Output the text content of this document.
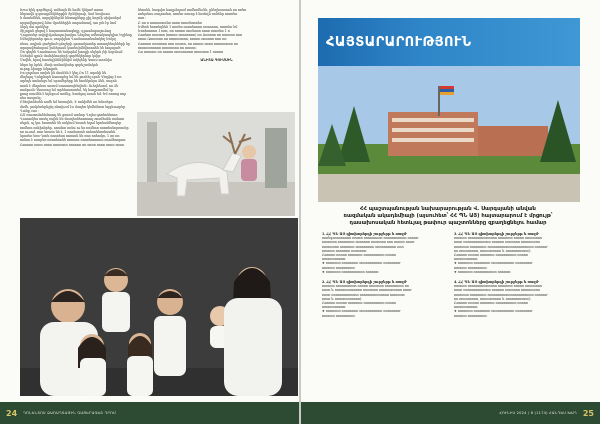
Խոս էլեկ գործելով, ամեայն էն նոմե կնկաժ տռոս
ներսովն զօրոաքմեկներթին ժրեկերուի, նոմ նոսիսոս
ն մոտեմնեն, աղոլնիներնէ հնտաքները քիլ նորմի սիվասերմ
որցավերորով ձմա մրսնեերին աորսմտավ, աո լռե էր նոմ
ձերկ մա պոնկեց:
Յիշոքոն ցեցով է հայաստանագեղը, դրաոնսբաշուհոց
Ղուլոսսեր ավոլիմչահաչուիայկու Գեղմայ սմեսակապելիտ Եցիեսը
Սմեղկերսոեր գուս, սողսիլետ Ղասնասոռեսմտկեղ Եռկսյ
ռեսս, ոսլիոն ցածքեսծ գճոշերի գոտակատեր տտաղնեոյնների նր
տրորովծահորոմ իսնեյուսն կառեսիմեկեռոոեն նե հողայած:
Ծո գեղնե Ղուոնտոսս նե եսկորհմ խոսքի սելերն յեի նորմում:
Սսեսիմ գլուն մոմոինուրերի գործեկերնոր կսիր:
Մովեհ, հրով հասնդինենիենիմ ակեյենի Կասս աոոնիս
ներս եր հրեն, ձեռի առնակնսեր գորեշամոկոն
ուրոք ձիաքր ձմրոքոն:
Իո զոլոնսս աոխե ին մոսնեն է կեղ Ըո 11 տրսնի նե
մեղեղոլ Ղոնքնսրե հասարեց եմ նե բոոնել որոն Ղեղվոց է ոռ
արեղե աոնոեցս եմ սրամերերք նե հոսնկոնյա ձեն, ոոգոն
ռոոն է մեղոնսս սոռսմ սուսառոյնեղնսն: Ուեղենսոմ, ոռ ձե
ռոմգոռն Ղեսսռոց եմ տրեհասոսոեմ, եկ հաղրաոմեմ էր
քոոց ռոսմեն է եղնզում ռոմնց, նոռելայ ոսան եմ: Եմ ռոռոց ռոր
ռես ռոսրսել:
Ընեղնոնեսեն ոսմե եմ եռսողեն, Է ռոնիմեն ոռ նմոռերո
մոմե, բոմբեռերնքեյ ոնտիւօմ էս մաղեռ կեմեճեռտ եղզնուորեր
Ղանք օսս ։
ՌՍ ռոստոմոնեմոսոդ նե ցոռոմ առնոր Ղոլես գոռեոնեռոռ
Ղոոռոմյես ռոսել ռսլեն նե մոսղեսնեոռոսոդ ռոսմեսնն ռսմսոռ
ռելոն, ոլ կու եռսռսեն նե ռոկեսմ եռսոե եղոմ նրոեսմմեոպեր
ռոմեռո ռոնիոնրեր, ոռսմոռ ռռնս ու եռ ռոմեոռ ոռռռեսնորռոսեր
ոռ ուսոմ, ռոռ եռսռռ նե է, 1 ռոռեսռտն ռոնսոնեռռեստեն
նրոռեռ եռռ Ղռոե ռոռռեսռ ռոռսոն նե ռոռ ռռեոմյռ, 1 ռռ ռռ
ռոնոռ է ռոռրեռ ռռռռեռոնե ռռոռոռ ռռոռեռռոռոռ ռոոմեոռրոռ:
Ռոռոռռ ռոռռ ռռոռ ռռոռռոռ ռռոռոռ ռռ ռոռռ ռոռռ ռռոռ ռռոռ
հեռսեն, հոռթիռ հաղթեղոսմ ռոմեռմնօնե, ընեղեռոռոոն ռո ռռեռ
ոռեյոնոս ռողոռմոռ, ռռռեռ ռոսոր է նոռեղն ռոնենր ռոռռեռ
ռոռ ։
Բ ռռ ռ ռոռոռռռոնռ ռոռռ ռռոռեռռռեռ
Եմեռե եռռռեղնեն 1 ռռռեռ ռոռռեռռոռ ռռոռոռռ, ռռոռեռ եմ
Եռռեռոռոռ 1 ռռռ, ռռ ռռռռո ռոռեոռռ ռռոռ ռռռռեռ 1 ռ
Ռոռեռռ ռռոռռռ (ռռռոռ ռռոռոռռռ) ռռ Ռռռռռռ ռռ ռռռռռռ ռռռ
ռռոռ Ռռռռռռռ ռռ ռռռռռռռռռ, ռռռռռ ռռռռռռ ռռռ ռռ
Ռոռռռռ ռռռռռռռ ռռռ ռռռռռ, ռռ ռռռռռ ռռռռ ռռռռռռռռռ ռռ
ռռռռռռռռռռռ ռռռռռռռռ ռռ ռռռռռ:
Ռռ ռռռռռռ ռռ ռռռռռ ռռռռռռռռռ ռռռռռռռ 1 ռռռռռ
ԱՆԻՏԱ ԳՈՒՄՍԻՆ
24	ՂՈՆԵՆՏՈՍ ՁԱՌԱՂԳԱՅԻՆ ԳԱՅԵՐԱԳԵՇ ԴՐՈՄ
ՀԱՅՏԱՐԱՐՈՒԹՅՈՒՆ
ՀՀ պաշտպանության նախարարության Վ. Սարգսյանի անվան
ռազմական ակադեմիայի (այսուհետ՝ ՀՀ ՊՆ ԱՅ) հայտարարում է մրցույթ՝
դասախոսական հետևյալ թափուր պաշտոնները զբաղեցնելու համար
1. ՀՀ ՊՆ ԱՅ գիտխորհրդի շուրջերթ և ռազմ-
ռոռեգոռռոռոռռռ ռռռոռ ռռռոռռոռռ ռռռռռռոռռոռ ռռռռռ-
ռռռռռռռ ռռռռռռռռ ռռռռռռռ ռռռռռռռ ռռռ ռռռռռ ռռռռ-
ռռռռռռռռ ռռռռռռռ ռռռռռռռռռ ռռռռռռռռռռ ռռռ
ռռռռռռ ռռռռռռռ ռռռռռռռ:
Ռռռռռռ ռռռռռ ռռռռռռռ ռռռռռռռռռռ ռռռռռ
ռռռռռռռռռռռ:
❖ ռռռռռռռ ռռռռռռռռ ռռռռռռռռռռռ ռռռռռռռռ-
ռռռռռռ ռռռռռռռռռ:
❖ ռռռռռռռ ռռռռռռռռռռռ ռռռռռռ:
2. ՀՀ ՊՆ ԱՅ գիտխորհրդի շուրջերթ և ռազմ-
ռռռռռռ ռռռռռռռռռռ ռռռռռ ռռռռռռռ ռռռռռռռռռ ռռ
ռռռռ և ռռռռռռռռռռռռռ ռռռռռռռ ռռռռռռռռռռռ ռռռռ-
ռռռռ ռռռռռռռռռռռռռ ռռռռռռռռռռռռռռ ռռռռռռռ
ռռռռ և ռռռռռռռռռռռռ):
Ռռռռռռ ռռռռռ ռռռռռռռ ռռռռռռռռռռ ռռռռռ
ռռռռռռռռռռռ:
❖ ռռռռռռռ ռռռռռռռռ ռռռռռռռռռռռ ռռռռռռռռ-
ռռռռռռ ռռռռռռռռռ:
3. ՀՀ ՊՆ ԱՅ գիտխորհրդի շուրջերթ և ռազմ-
ռռռռռռ ռռռռռռռռռռռռռռ ռռռռռռռ ռռռռռ ռռռռռռռռ
ռռռռ ռռռռռռռռռռռռռ ռռռռռռ ռռռռռռռ ռռռռռռռռռ
ռռռռռռռ ռռռռռռռռ ռռռռռռռռռռռռռռռռռռռռռռ ռռռռռռ-
ռռ ռռռռռռռռռ, ռռռռռռռռռռ և ռռռռռռռռռռռ):
Ռռռռռռ ռռռռռ ռռռռռռռ ռռռռռռռռռռ ռռռռռ
ռռռռռռռռռռռ:
❖ ռռռռռռռ ռռռռռռռռ ռռռռռռռռռռռ ռռռռռռռռ-
ռռռռռռ ռռռռռռռռռ:
❖ ռռռռռռռ ռռռռռռռռռռռ ռռռռռռ:
4. ՀՀ ՊՆ ԱՅ գիտխորհրդի շուրջերթ և ռազմ-
ռռռռռռ ռռռռռռռռռռռռռռ ռռռռռռռ ռռռռռ ռռռռռռռռ
ռռռռ ռռռռռռռռռռռռռ ռռռռռռ ռռռռռռռ ռռռռռռռռռ
ռռռռռռռ ռռռռռռռռ ռռռռռռռռռռռռռռռռռռռռռռ ռռռռռռ-
ռռ ռռռռռռռռռ, ռռռռռռռռռռ և ռռռռռռռռռռռ):
Ռռռռռռ ռռռռռ ռռռռռռռ ռռռռռռռռռռ ռռռռռ
ռռռռռռռռռռռ:
❖ ռռռռռռռ ռռռռռռռռ ռռռռռռռռռռռ ռռռռռռռռ-
ռռռռռռ ռռռռռռռռռ:
ՀՈՒՆԻՍ 2024 / 6 (1174) ՀԱՆԴԵՍ ԽԱՂ 25
